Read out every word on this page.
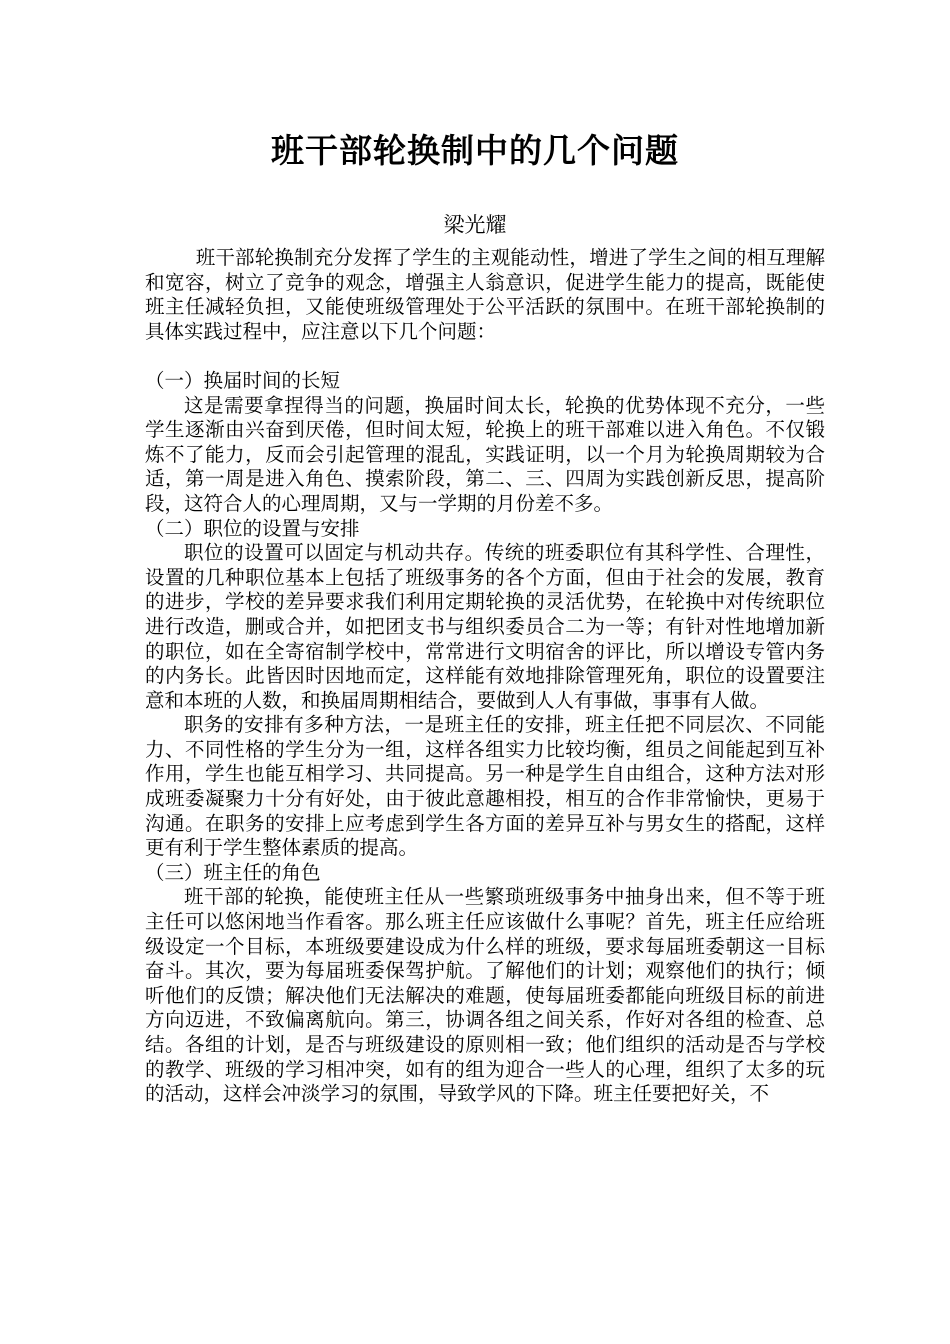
班干部轮换制中的几个问题
梁光耀

班干部轮换制充分发挥了学生的主观能动性，增进了学生之间的相互理解和宽容，树立了竞争的观念，增强主人翁意识，促进学生能力的提高，既能使班主任减轻负担，又能使班级管理处于公平活跃的氛围中。在班干部轮换制的具体实践过程中，应注意以下几个问题：

（一）换届时间的长短

这是需要拿捏得当的问题，换届时间太长，轮换的优势体现不充分，一些学生逐渐由兴奋到厌倦，但时间太短，轮换上的班干部难以进入角色。不仅锻炼不了能力，反而会引起管理的混乱，实践证明，以一个月为轮换周期较为合适，第一周是进入角色、摸索阶段，第二、三、四周为实践创新反思，提高阶段，这符合人的心理周期，又与一学期的月份差不多。

（二）职位的设置与安排

职位的设置可以固定与机动共存。传统的班委职位有其科学性、合理性，设置的几种职位基本上包括了班级事务的各个方面，但由于社会的发展，教育的进步，学校的差异要求我们利用定期轮换的灵活优势，在轮换中对传统职位进行改造，删或合并，如把团支书与组织委员合二为一等；有针对性地增加新的职位，如在全寄宿制学校中，常常进行文明宿舍的评比，所以增设专管内务的内务长。此皆因时因地而定，这样能有效地排除管理死角，职位的设置要注意和本班的人数，和换届周期相结合，要做到人人有事做，事事有人做。

职务的安排有多种方法，一是班主任的安排，班主任把不同层次、不同能力、不同性格的学生分为一组，这样各组实力比较均衡，组员之间能起到互补作用，学生也能互相学习、共同提高。另一种是学生自由组合，这种方法对形成班委凝聚力十分有好处，由于彼此意趣相投，相互的合作非常愉快，更易于沟通。在职务的安排上应考虑到学生各方面的差异互补与男女生的搭配，这样更有利于学生整体素质的提高。

（三）班主任的角色

班干部的轮换，能使班主任从一些繁琐班级事务中抽身出来，但不等于班主任可以悠闲地当作看客。那么班主任应该做什么事呢？首先，班主任应给班级设定一个目标，本班级要建设成为什么样的班级，要求每届班委朝这一目标奋斗。其次，要为每届班委保驾护航。了解他们的计划；观察他们的执行；倾听他们的反馈；解决他们无法解决的难题，使每届班委都能向班级目标的前进方向迈进，不致偏离航向。第三，协调各组之间关系，作好对各组的检查、总结。各组的计划，是否与班级建设的原则相一致；他们组织的活动是否与学校的教学、班级的学习相冲突，如有的组为迎合一些人的心理，组织了太多的玩的活动，这样会冲淡学习的氛围，导致学风的下降。班主任要把好关，不
